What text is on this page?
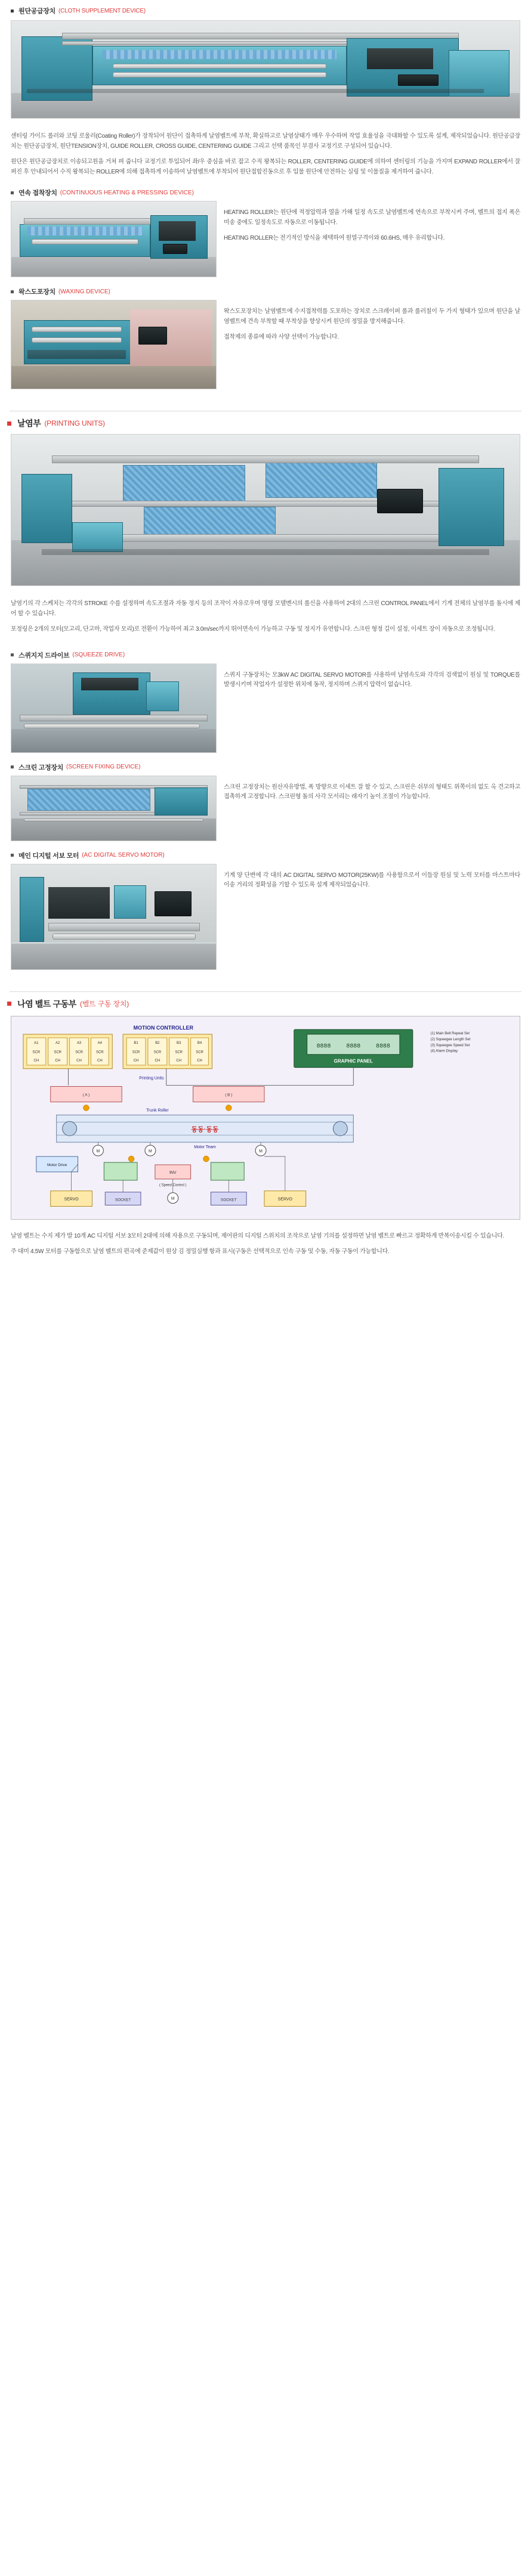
원단공급장치 (CLOTH SUPPLEMENT DEVICE)

센터링 가이드 롤러와 코팅 로울러(Coating Roller)가 장착되어 원단이 접촉하게 날염벨트에 부착, 확실하고로 날염상태가 매우 우수하며 작업 효율성을 극대화할 수 있도록 설계, 제작되었습니다. 원단공급장치는 원단공급장치, 원단TENSION장치, GUIDE ROLLER, CROSS GUIDE, CENTERING GUIDE 그리고 선택 품목인 부겸사 교정기로 구성되어 있습니다.

원단은 원단공급장치로 이송되고원을 거쳐 펴 줍니다 교정기로 투입되어 좌/우 중심을 바로 잡고 수직 왕복되는 ROLLER, CENTERING GUIDE에 의하여 센터링의 기능을 가지며 EXPAND ROLLER에서 잘 펴진 후 안내되어서 수직 왕복되는 ROLLER에 의해 접촉하게 이송하여 날염벨트에 부착되어 원단접합진동으로 후 입물 원단에 안전하는 실링 및 이물질을 제거하여 줍니다.

연속 접착장치 (CONTINUOUS HEATING & PRESSING DEVICE)

HEATING ROLLER는 원단에 적정압력과 열을 가해 일정 속도로 날염벨트에 연속으로 부착시켜 주며, 벨트의 접지 폭은 미송 중에도 일정속도로 자동으로 이동됩니다.

HEATING ROLLER는 전기적인 방식을 채택하여 원열구격이와 60.6HS, 매우 유리합니다.

왁스도포장치 (WAXING DEVICE)

왁스도포장치는 날염벨트에 수지접착력를 도포하는 장치로 스크레이퍼 롤과 롤러칠이 두 가지 형태가 있으며 원단을 날염벨트에 견속 부착할 때 부착상을 향상시켜 원단의 정밀을 방지해줍니다.

접착제의 종류에 따라 사양 선택이 가능합니다.

날염부 (PRINTING UNITS)

날염기의 각 스케치는 각각의 STROKE 수를 설정하며 속도조절과 자동 정지 등의 조작이 자유로우며 명령 모델멘시의 롤신을 사용하여 2대의 스크린 CONTROL PANEL에서 기계 전체의 날염부를 돌시에 제어 할 수 있습니다.

포정링은 2개의 모터(모고리, 단고마, 작업자 모리)로 전환이 가능하여 최고 3.0m/sec까지 뛰어면속이 가능하고 구동 및 정지가 유연합니다. 스크린 형정 길이 설정, 이세트 장이 자동으로 조정됩니다.

스퀴지지 드라이브 (SQUEEZE DRIVE)

스퀴지 구동장치는 모3kW AC DIGITAL SERVO MOTOR를 사용하여 날염속도와 각각의 검색없이 원심 및 TORQUE를 발생시키며 작업자가 설정한 위치에 동작, 정지하며 스퀴지 압력이 없습니다.

스크린 고정장치 (SCREEN FIXING DEVICE)

스크린 고정장치는 원산자유방법, 폭 방향으로 이세트 잘 할 수 있고, 스크린은 쉬부의 형태도 위쪽이의 없도 옥 견고하고 접촉하게 고정합니다. 스크린형 돌의 사각 모서리는 래자기 높이 조절이 가능합니다.

메인 디지털 서보 모터 (AC DIGITAL SERVO MOTOR)

기계 양 단변에 각 대의 AC DIGITAL SERVO MOTOR(25KW)를 사용함으로서 이들장 원심 및 노력 모터를 마스트마다 이송 거리의 정확성을 기할 수 있도록 설계 제작되었습니다.

나염 벨트 구동부 (벨트 구동 장치)
MOTION CONTROLLER
A1	A2	A3	A4
SCR	SCR	SCR	SCR
CH	CH	CH	CH
B1	B2	B3	B4
SCR	SCR	SCR	SCR
CH	CH	CH	CH
8888	8888	8888
GRAPHIC PANEL
(1) Main Belt Repeat Set
(2) Squeegee Length Set
(3) Squeegee Speed Set
(4) Alarm Display
Printing Units
( A )	( B )
Trunk Roller
동동·동동
Motor Team
Motor Drive
INV
( Speed Control )
SERVO	SERVO
SOCKET	SOCKET
M	M	M
M

날염 벨트는 수지 제가 발 10개 AC 디지털 서보 3모터 2대에 의해 자용으로 구동되며, 제어판의 디지털 스위치의 조작으로 날염 기의를 설정하면 날염 벨트로 빠르고 정확하게 반복이송시킬 수 있습니다.

주 대미 4.5W 모터를 구동함으로 날염 벨트의 편곡에 준제값이 원상 김 정밀실행 항과 표시(구동은 선택적으로 인속 구동 및 수동, 자동 구동이 가능합니다.
